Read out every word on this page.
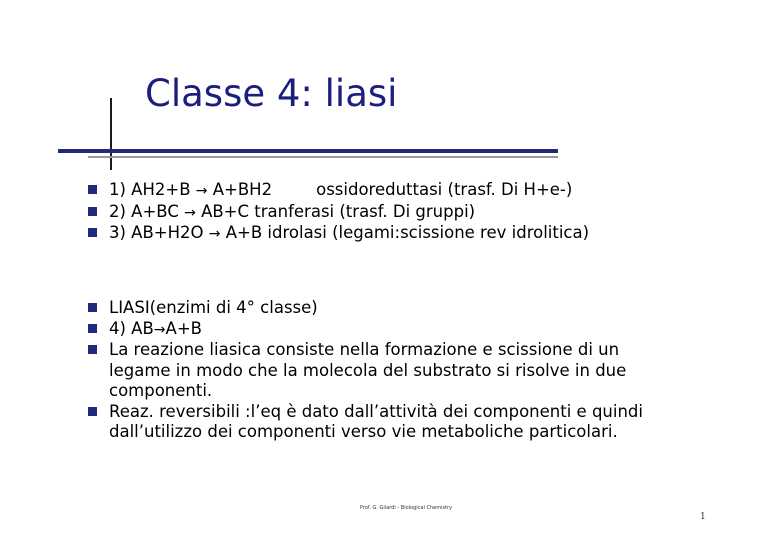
Classe 4: liasi
1) AH2+B → A+BH2	ossidoreduttasi (trasf. Di H+e-)
2) A+BC → AB+C tranferasi (trasf. Di gruppi)
3) AB+H2O → A+B idrolasi (legami:scissione rev idrolitica)
LIASI(enzimi di 4° classe)
4) AB→A+B
La reazione liasica consiste nella formazione e scissione di un legame in modo che la molecola del substrato si risolve in due componenti.
Reaz. reversibili :l’eq è dato dall’attività dei componenti e quindi dall’utilizzo dei componenti verso vie metaboliche particolari.
Prof. G. Gilardi - Biological Chemistry
1
